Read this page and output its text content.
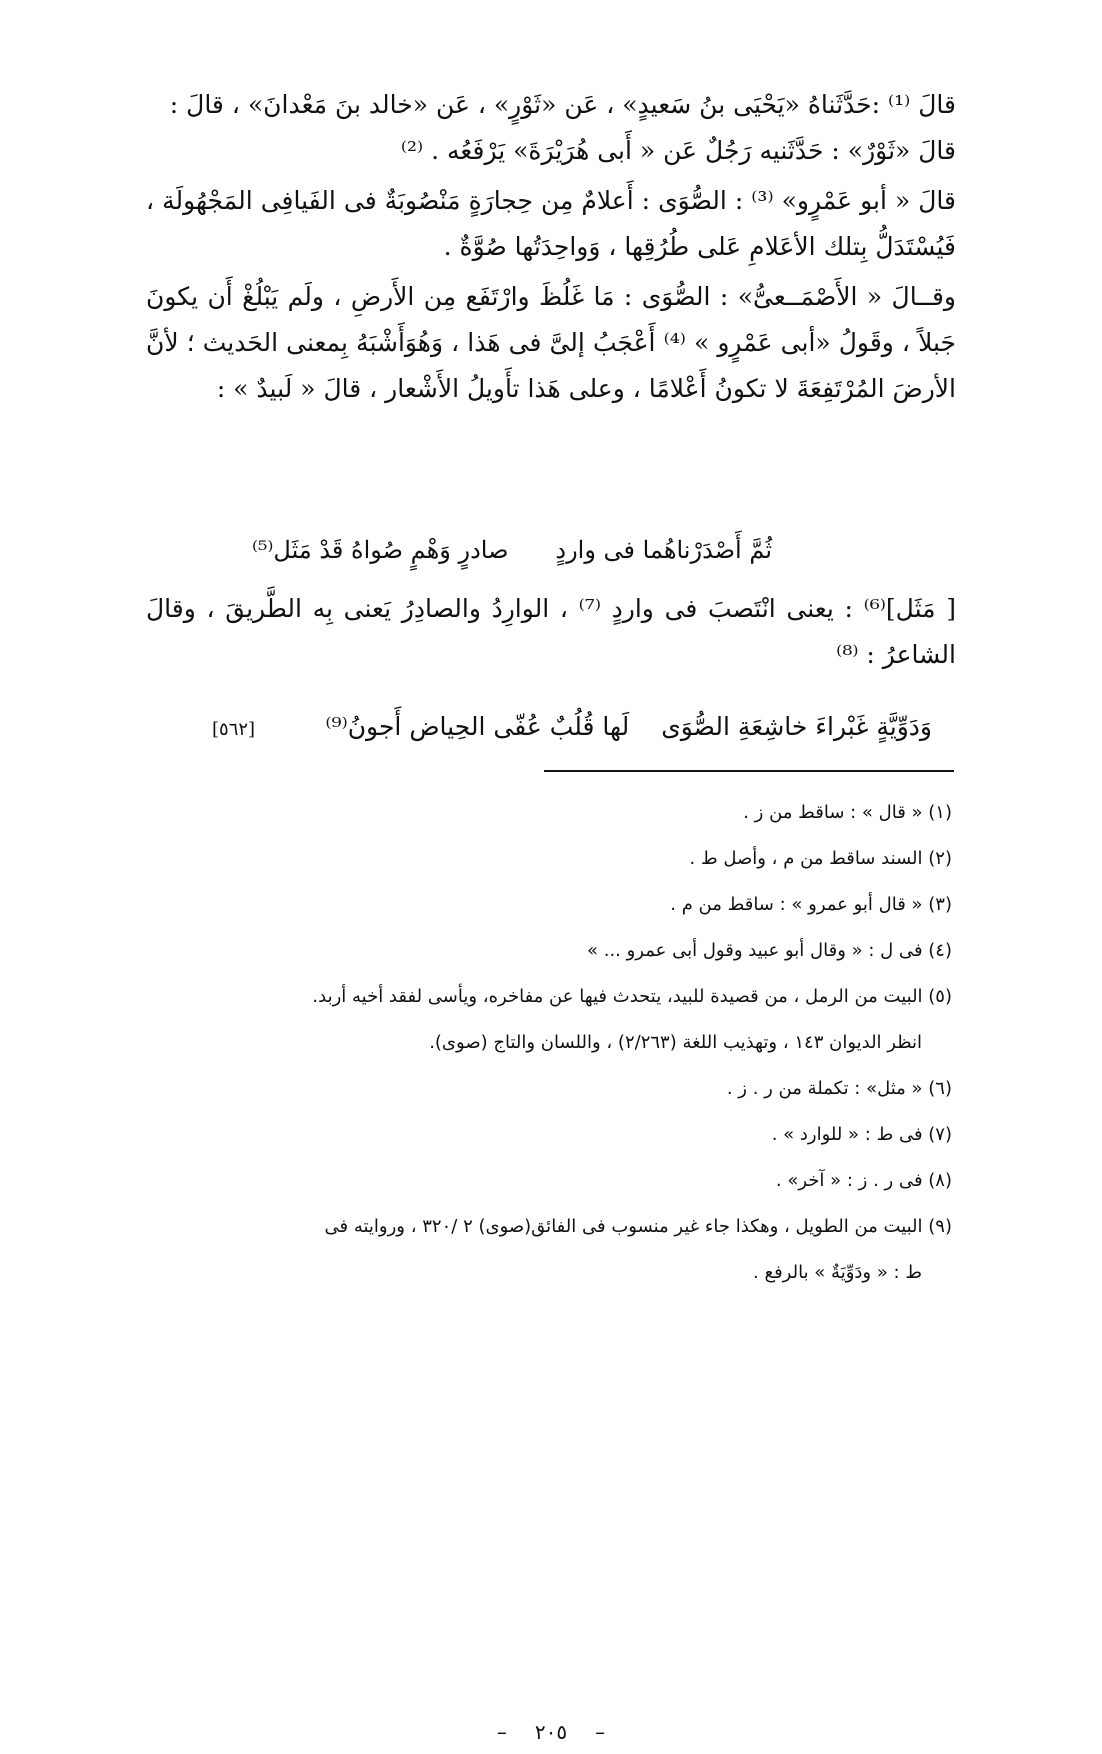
قالَ ⁽¹⁾ :حَدَّثَناهُ «يَحْيَى بنُ سَعيدٍ» ، عَن «ثَوْرٍ» ، عَن «خالد بنَ مَعْدانَ» ، قالَ :

قالَ «ثَوْرٌ» : حَدَّثَنيه رَجُلٌ عَن « أَبى هُرَيْرَةَ» يَرْفَعُه . ⁽²⁾

قالَ « أبو عَمْرٍو» ⁽³⁾ : الصُّوَى : أَعلامٌ مِن حِجارَةٍ مَنْصُوبَةٌ فى الفَيافِى المَجْهُولَة ، فَيُسْتَدَلُّ بِتلك الأعَلامِ عَلى طُرُقِها ، وَواحِدَتُها صُوَّةٌ .

وقــالَ « الأَصْمَــعىُّ» : الصُّوَى : مَا غَلُظَ وارْتَفَع مِن الأَرضِ ، ولَم يَبْلُغْ أَن يكونَ جَبلاً ، وقَولُ «أبى عَمْرٍو » ⁽⁴⁾ أَعْجَبُ إلىَّ فى هَذا ، وَهُوَأَشْبَهُ بِمعنى الحَديث ؛ لأنَّ الأرضَ المُرْتَفِعَةَ لا تكونُ أَعْلامًا ، وعلى هَذا تأَويلُ الأَشْعار ، قالَ « لَبيدٌ » :

ثُمَّ أَصْدَرْناهُما فى واردٍ
صادرٍ وَهْمٍ صُواهُ قَدْ مَثَل⁽⁵⁾

[ مَثَل]⁽⁶⁾ : يعنى انْتَصبَ فى واردٍ ⁽⁷⁾ ، الوارِدُ والصادِرُ يَعنى بِه الطَّريقَ ، وقالَ الشاعرُ : ⁽⁸⁾

وَدَوِّيَّةٍ غَبْراءَ خاشِعَةِ الصُّوَى
لَها قُلُبٌ عُفّى الحِياض أَجونُ⁽⁹⁾
[٥٦٢]

(١) « قال » : ساقط من ز .

(٢) السند ساقط من م ، وأصل ط .

(٣) « قال أبو عمرو » : ساقط من م .

(٤) فى ل : « وقال أبو عبيد وقول أبى عمرو ... »

(٥) البيت من الرمل ، من قصيدة للبيد، يتحدث فيها عن مفاخره، ويأسى لفقد أخيه أربد.
انظر الديوان ١٤٣ ، وتهذيب اللغة (٢/٢٦٣) ، واللسان والتاج (صوى).

(٦) « مثل» : تكملة من ر . ز .

(٧) فى ط : « للوارد » .

(٨) فى ر . ز : « آخر» .

(٩) البيت من الطويل ، وهكذا جاء غير منسوب فى الفائق(صوى) ٢ /٣٢٠ ، وروايته فى
ط : « ودَوِّيَةٌ » بالرفع .

–٢٠٥–
